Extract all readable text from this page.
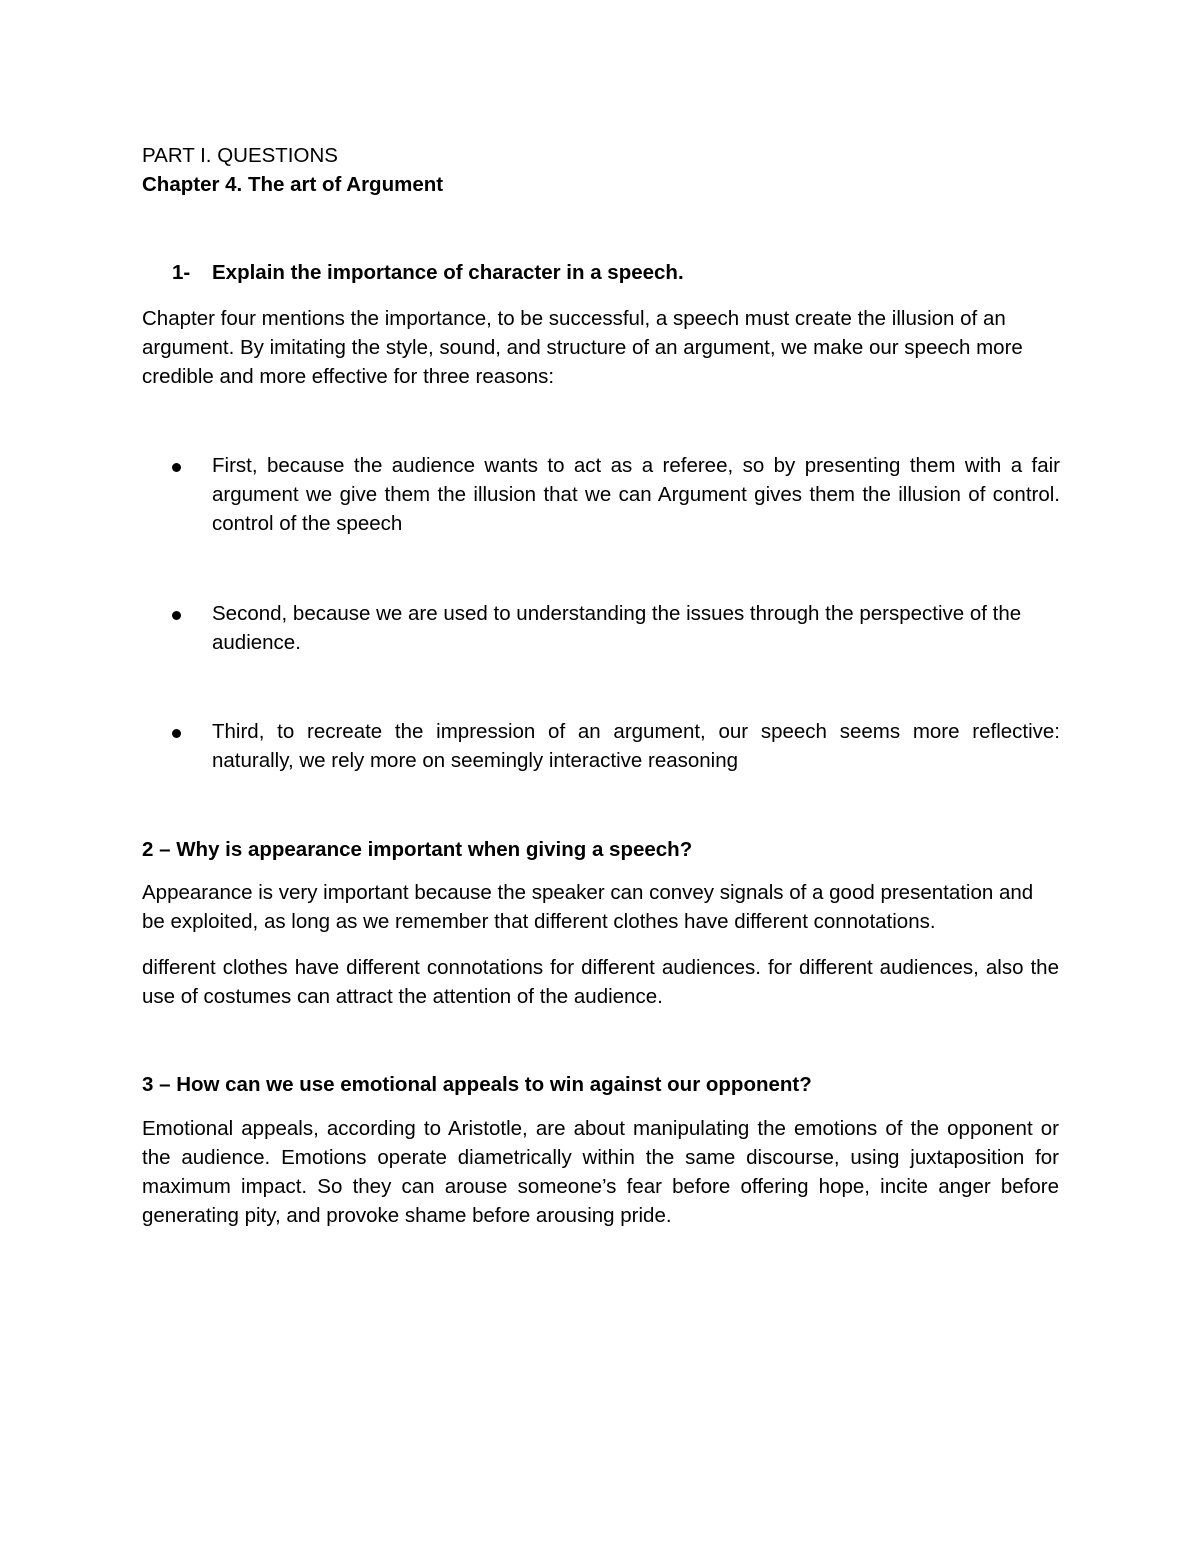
PART I. QUESTIONS
Chapter 4. The art of Argument
1- Explain the importance of character in a speech.
Chapter four mentions the importance, to be successful, a speech must create the illusion of an argument. By imitating the style, sound, and structure of an argument, we make our speech more credible and more effective for three reasons:
First, because the audience wants to act as a referee, so by presenting them with a fair argument we give them the illusion that we can Argument gives them the illusion of control. control of the speech
Second, because we are used to understanding the issues through the perspective of the audience.
Third, to recreate the impression of an argument, our speech seems more reflective: naturally, we rely more on seemingly interactive reasoning
2 – Why is appearance important when giving a speech?
Appearance is very important because the speaker can convey signals of a good presentation and be exploited, as long as we remember that different clothes have different connotations.
different clothes have different connotations for different audiences. for different audiences, also the use of costumes can attract the attention of the audience.
3 – How can we use emotional appeals to win against our opponent?
Emotional appeals, according to Aristotle, are about manipulating the emotions of the opponent or the audience. Emotions operate diametrically within the same discourse, using juxtaposition for maximum impact. So they can arouse someone’s fear before offering hope, incite anger before generating pity, and provoke shame before arousing pride.
